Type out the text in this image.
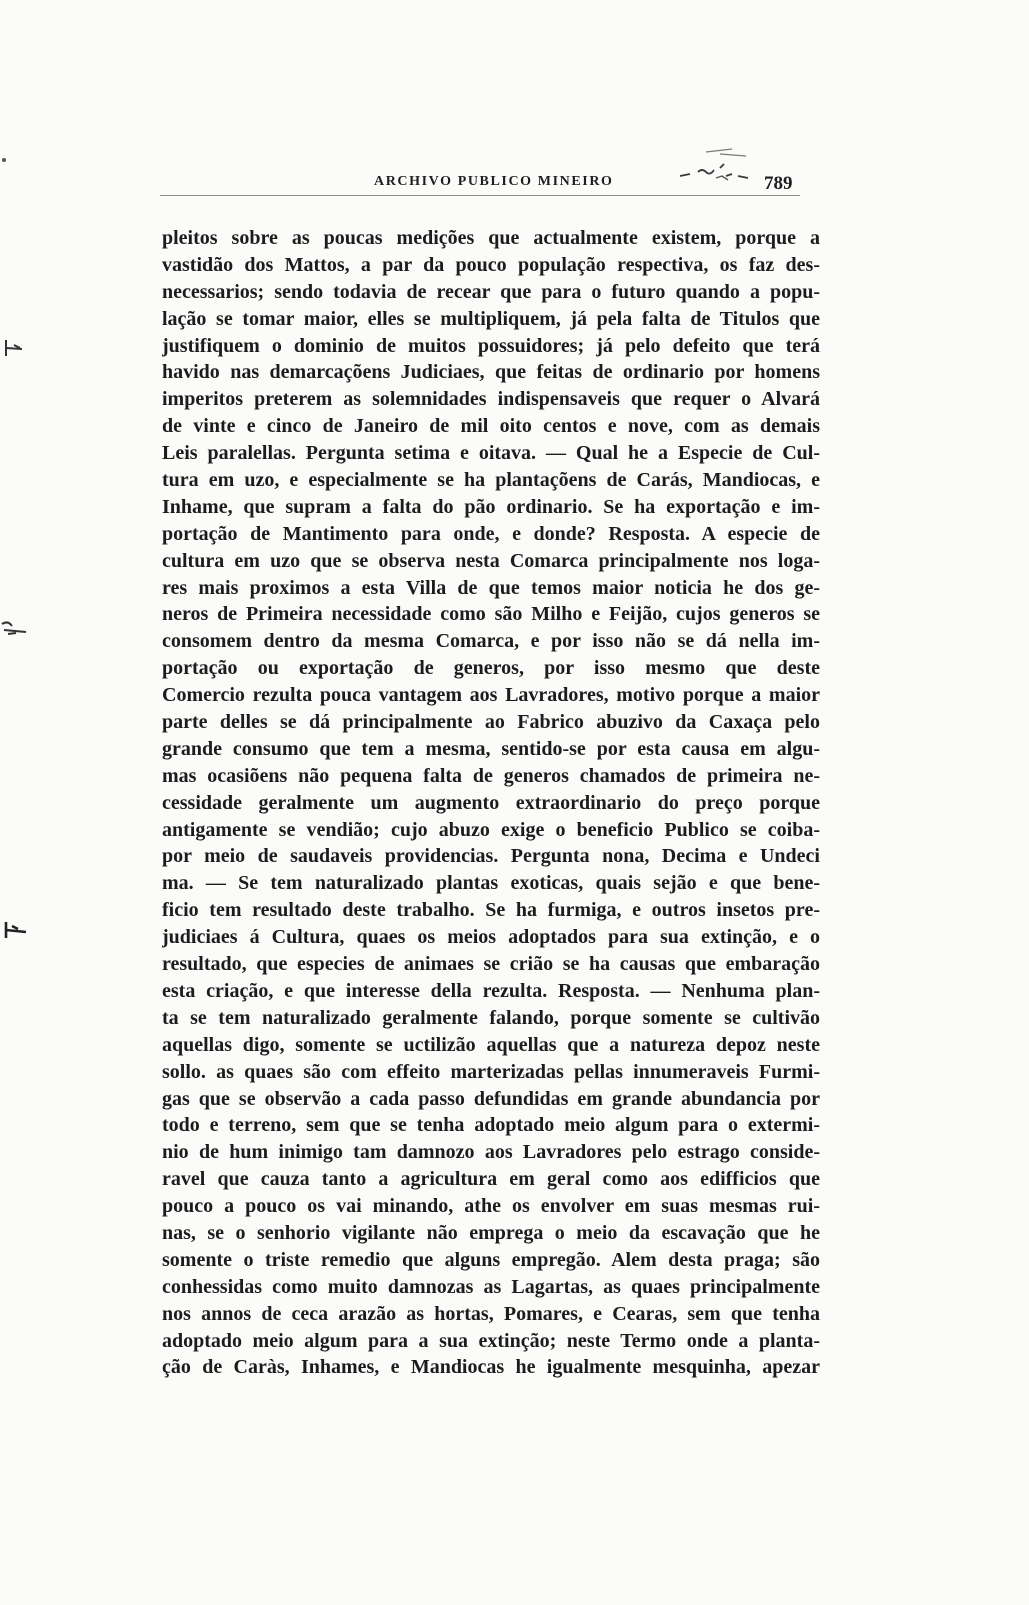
ARCHIVO PUBLICO MINEIRO	789
pleitos sobre as poucas medições que actualmente existem, porque a
vastidão dos Mattos, a par da pouco população respectiva, os faz des-
necessarios; sendo todavia de recear que para o futuro quando a popu-
lação se tomar maior, elles se multipliquem, já pela falta de Titulos que
justifiquem o dominio de muitos possuidores; já pelo defeito que terá
havido nas demarcaçõens Judiciaes, que feitas de ordinario por homens
imperitos preterem as solemnidades indispensaveis que requer o Alvará
de vinte e cinco de Janeiro de mil oito centos e nove, com as demais
Leis paralellas. Pergunta setima e oitava. — Qual he a Especie de Cul-
tura em uzo, e especialmente se ha plantaçõens de Carás, Mandiocas, e
Inhame, que supram a falta do pão ordinario. Se ha exportação e im-
portação de Mantimento para onde, e donde? Resposta. A especie de
cultura em uzo que se observa nesta Comarca principalmente nos loga-
res mais proximos a esta Villa de que temos maior noticia he dos ge-
neros de Primeira necessidade como são Milho e Feijão, cujos generos se
consomem dentro da mesma Comarca, e por isso não se dá nella im-
portação ou exportação de generos, por isso mesmo que deste
Comercio rezulta pouca vantagem aos Lavradores, motivo porque a maior
parte delles se dá principalmente ao Fabrico abuzivo da Caxaça pelo
grande consumo que tem a mesma, sentido-se por esta causa em algu-
mas ocasiõens não pequena falta de generos chamados de primeira ne-
cessidade geralmente um augmento extraordinario do preço porque
antigamente se vendião; cujo abuzo exige o beneficio Publico se coiba-
por meio de saudaveis providencias. Pergunta nona, Decima e Undeci
ma. — Se tem naturalizado plantas exoticas, quais sejão e que bene-
ficio tem resultado deste trabalho. Se ha furmiga, e outros insetos pre-
judiciaes á Cultura, quaes os meios adoptados para sua extinção, e o
resultado, que especies de animaes se crião se ha causas que embaração
esta criação, e que interesse della rezulta. Resposta. — Nenhuma plan-
ta se tem naturalizado geralmente falando, porque somente se cultivão
aquellas digo, somente se uctilizão aquellas que a natureza depoz neste
sollo. as quaes são com effeito marterizadas pellas innumeraveis Furmi-
gas que se observão a cada passo defundidas em grande abundancia por
todo e terreno, sem que se tenha adoptado meio algum para o extermi-
nio de hum inimigo tam damnozo aos Lavradores pelo estrago conside-
ravel que cauza tanto a agricultura em geral como aos edifficios que
pouco a pouco os vai minando, athe os envolver em suas mesmas rui-
nas, se o senhorio vigilante não emprega o meio da escavação que he
somente o triste remedio que alguns empregão. Alem desta praga; são
conhessidas como muito damnozas as Lagartas, as quaes principalmente
nos annos de ceca arazão as hortas, Pomares, e Cearas, sem que tenha
adoptado meio algum para a sua extinção; neste Termo onde a planta-
ção de Caràs, Inhames, e Mandiocas he igualmente mesquinha, apezar
